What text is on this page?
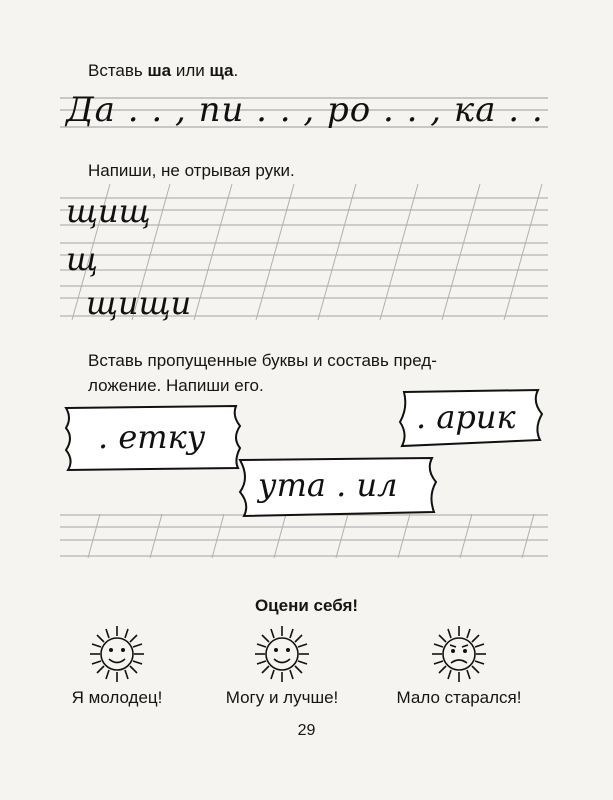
Вставь ша или ща.
Да . . , пи . . , ро . . , ка . .
Напиши, не отрывая руки.
щищ
щ
щищи
Вставь пропущенные буквы и составь пред-
ложение. Напиши его.
. етку
. арик
ута . ил
Оцени себя!
Я молодец!	Могу и лучше!	Мало старался!
29
